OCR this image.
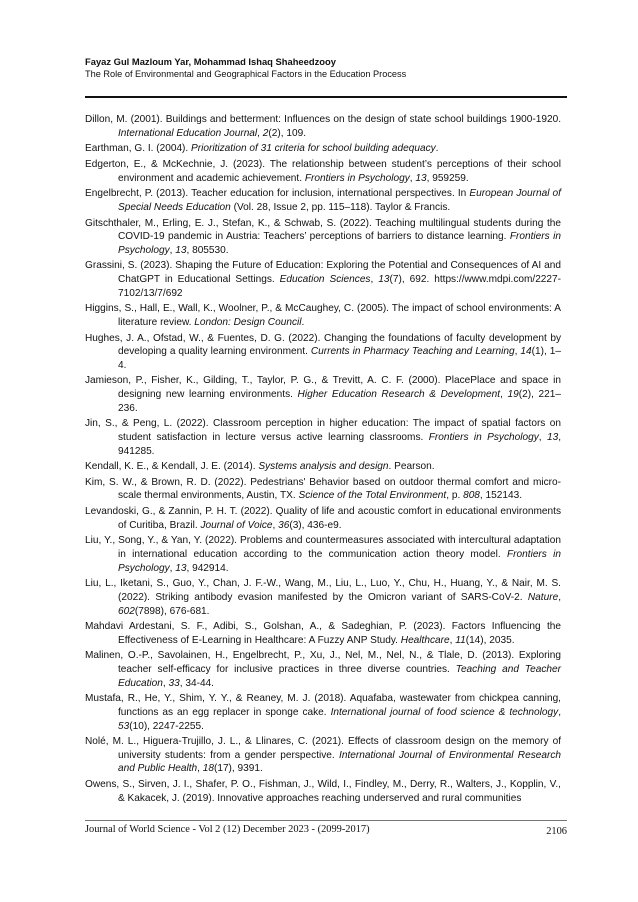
Fayaz Gul Mazloum Yar, Mohammad Ishaq Shaheedzooy
The Role of Environmental and Geographical Factors in the Education Process

Dillon, M. (2001). Buildings and betterment: Influences on the design of state school buildings 1900-1920. International Education Journal, 2(2), 109.

Earthman, G. I. (2004). Prioritization of 31 criteria for school building adequacy.

Edgerton, E., & McKechnie, J. (2023). The relationship between student’s perceptions of their school environment and academic achievement. Frontiers in Psychology, 13, 959259.

Engelbrecht, P. (2013). Teacher education for inclusion, international perspectives. In European Journal of Special Needs Education (Vol. 28, Issue 2, pp. 115–118). Taylor & Francis.

Gitschthaler, M., Erling, E. J., Stefan, K., & Schwab, S. (2022). Teaching multilingual students during the COVID-19 pandemic in Austria: Teachers’ perceptions of barriers to distance learning. Frontiers in Psychology, 13, 805530.

Grassini, S. (2023). Shaping the Future of Education: Exploring the Potential and Consequences of AI and ChatGPT in Educational Settings. Education Sciences, 13(7), 692. https://www.mdpi.com/2227-7102/13/7/692

Higgins, S., Hall, E., Wall, K., Woolner, P., & McCaughey, C. (2005). The impact of school environments: A literature review. London: Design Council.

Hughes, J. A., Ofstad, W., & Fuentes, D. G. (2022). Changing the foundations of faculty development by developing a quality learning environment. Currents in Pharmacy Teaching and Learning, 14(1), 1–4.

Jamieson, P., Fisher, K., Gilding, T., Taylor, P. G., & Trevitt, A. C. F. (2000). PlacePlace and space in designing new learning environments. Higher Education Research & Development, 19(2), 221–236.

Jin, S., & Peng, L. (2022). Classroom perception in higher education: The impact of spatial factors on student satisfaction in lecture versus active learning classrooms. Frontiers in Psychology, 13, 941285.

Kendall, K. E., & Kendall, J. E. (2014). Systems analysis and design. Pearson.

Kim, S. W., & Brown, R. D. (2022). Pedestrians' Behavior based on outdoor thermal comfort and micro-scale thermal environments, Austin, TX. Science of the Total Environment, p. 808, 152143.

Levandoski, G., & Zannin, P. H. T. (2022). Quality of life and acoustic comfort in educational environments of Curitiba, Brazil. Journal of Voice, 36(3), 436-e9.

Liu, Y., Song, Y., & Yan, Y. (2022). Problems and countermeasures associated with intercultural adaptation in international education according to the communication action theory model. Frontiers in Psychology, 13, 942914.

Liu, L., Iketani, S., Guo, Y., Chan, J. F.-W., Wang, M., Liu, L., Luo, Y., Chu, H., Huang, Y., & Nair, M. S. (2022). Striking antibody evasion manifested by the Omicron variant of SARS-CoV-2. Nature, 602(7898), 676-681.

Mahdavi Ardestani, S. F., Adibi, S., Golshan, A., & Sadeghian, P. (2023). Factors Influencing the Effectiveness of E-Learning in Healthcare: A Fuzzy ANP Study. Healthcare, 11(14), 2035.

Malinen, O.-P., Savolainen, H., Engelbrecht, P., Xu, J., Nel, M., Nel, N., & Tlale, D. (2013). Exploring teacher self-efficacy for inclusive practices in three diverse countries. Teaching and Teacher Education, 33, 34-44.

Mustafa, R., He, Y., Shim, Y. Y., & Reaney, M. J. (2018). Aquafaba, wastewater from chickpea canning, functions as an egg replacer in sponge cake. International journal of food science & technology, 53(10), 2247-2255.

Nolé, M. L., Higuera-Trujillo, J. L., & Llinares, C. (2021). Effects of classroom design on the memory of university students: from a gender perspective. International Journal of Environmental Research and Public Health, 18(17), 9391.

Owens, S., Sirven, J. I., Shafer, P. O., Fishman, J., Wild, I., Findley, M., Derry, R., Walters, J., Kopplin, V., & Kakacek, J. (2019). Innovative approaches reaching underserved and rural communities

Journal of World Science - Vol 2 (12) December 2023 - (2099-2017)	2106
